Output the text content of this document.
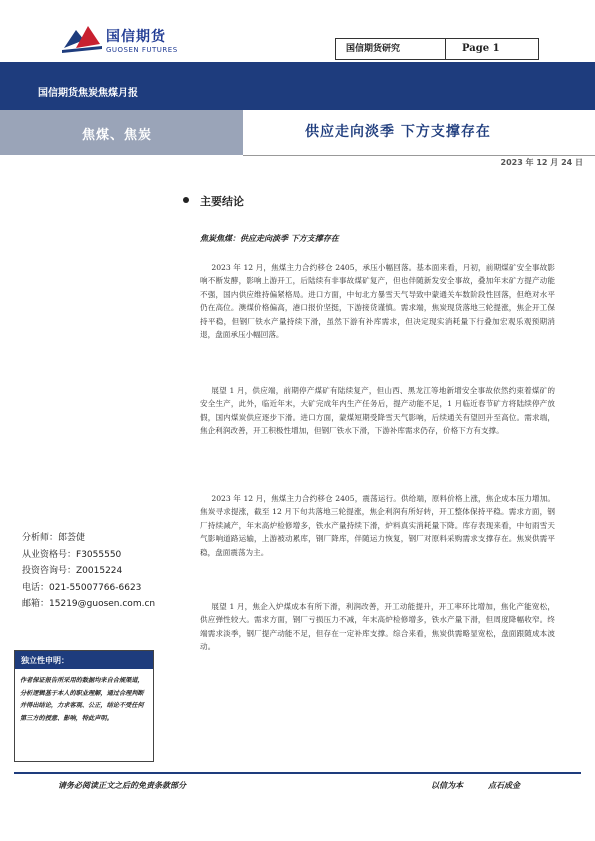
国信期货
GUOSEN FUTURES	国信期货研究	Page 1
国信期货焦炭焦煤月报
焦煤、焦炭	供应走向淡季 下方支撑存在
2023 年 12 月 24 日
主要结论
焦炭焦煤：供应走向淡季 下方支撑存在
2023 年 12 月，焦煤主力合约移仓 2405，承压小幅回落。基本面来看，月初，前期煤矿安全事故影响不断发酵，影响上游开工，后陆续有非事故煤矿复产，但也伴随新发安全事故，叠加年末矿方提产动能不强，国内供应维持偏紧格局。进口方面，中旬北方暴雪天气导致中蒙通关车数阶段性回落，但绝对水平仍在高位。澳煤价格偏高，港口报价坚挺，下游接货谨慎。需求端，焦炭现货落地三轮提涨，焦企开工保持平稳，但钢厂铁水产量持续下滑，虽然下游有补库需求，但决定现实消耗量下行叠加宏观乐观预期消退，盘面承压小幅回落。
展望 1 月，供应端，前期停产煤矿有陆续复产，但山西、黑龙江等地新增安全事故依然约束着煤矿的安全生产，此外，临近年末，大矿完成年内生产任务后，提产动能不足，1 月临近春节矿方将陆续停产放假，国内煤炭供应逐步下滑。进口方面，蒙煤短期受降雪天气影响，后续通关有望回升至高位。需求端，焦企利润改善，开工积极性增加，但钢厂铁水下滑，下游补库需求仍存，价格下方有支撑。
2023 年 12 月，焦煤主力合约移仓 2405，震荡运行。供给端，原料价格上涨，焦企成本压力增加。焦炭寻求提涨，截至 12 月下旬共落地三轮提涨，焦企利润有所好转，开工整体保持平稳。需求方面，钢厂持续减产，年末高炉检修增多，铁水产量持续下滑，炉料真实消耗量下降。库存表现来看，中旬雨雪天气影响道路运输，上游被动累库，钢厂降库，伴随运力恢复，钢厂对原料采购需求支撑存在。焦炭供需平稳，盘面震荡为主。
展望 1 月，焦企入炉煤成本有所下滑，利润改善，开工动能提升，开工率环比增加，焦化产能宽松，供应弹性较大。需求方面，钢厂亏损压力不减，年末高炉检修增多，铁水产量下滑，但周度降幅收窄。终端需求淡季，钢厂提产动能不足，但存在一定补库支撑。综合来看，焦炭供需略显宽松，盘面跟随成本波动。
分析师：郎荟倢
从业资格号：F3055550
投资咨询号：Z0015224
电话：021-55007766-6623
邮箱：15219@guosen.com.cn
独立性申明：
作者保证报告所采用的数据均来自合规渠道，分析逻辑基于本人的职业理解，通过合理判断并得出结论，力求客观、公正，结论不受任何第三方的授意、影响，特此声明。
请务必阅读正文之后的免责条款部分	以信为本	点石成金
